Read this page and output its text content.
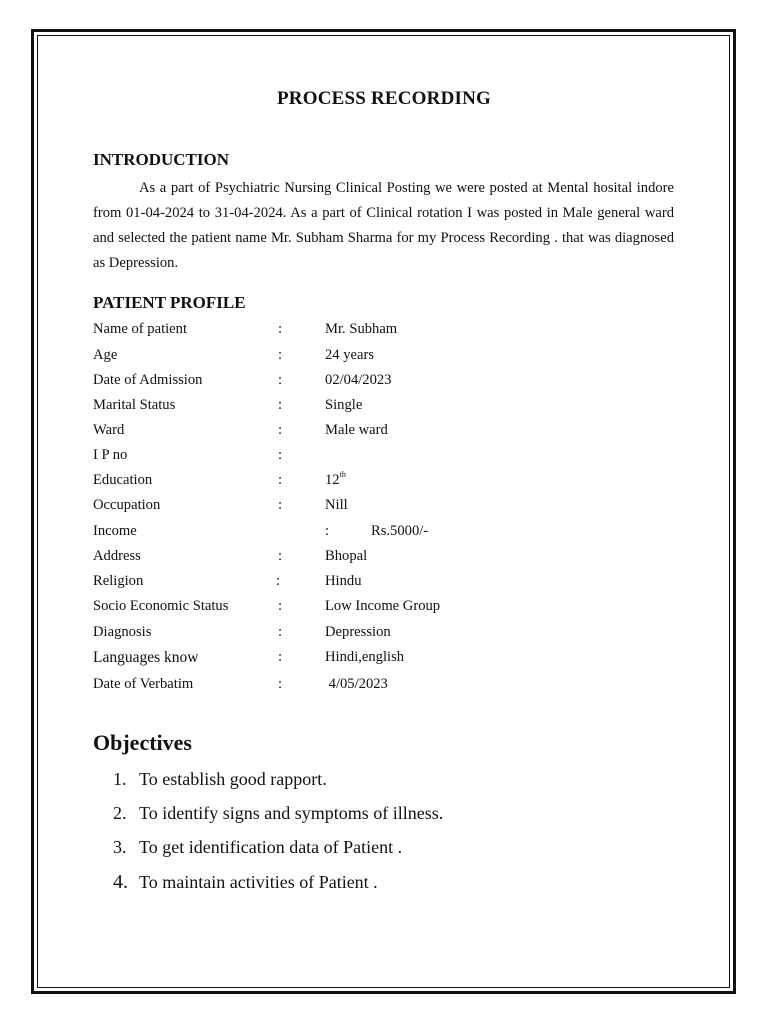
PROCESS RECORDING
INTRODUCTION
As a part of Psychiatric Nursing Clinical Posting we were posted at Mental hosital indore from 01-04-2024 to 31-04-2024. As a part of Clinical rotation I was posted in Male general ward and selected the patient name Mr. Subham Sharma for my Process Recording . that was diagnosed as Depression.
PATIENT PROFILE
Name of patient	:	Mr. Subham
Age	:	24 years
Date of Admission	:	02/04/2023
Marital Status	:	Single
Ward	:	Male ward
I P no	:
Education	:	12th
Occupation	:	Nill
Income	:	Rs.5000/-
Address	:	Bhopal
Religion	:	Hindu
Socio Economic Status	:	Low Income Group
Diagnosis	:	Depression
Languages know	:	Hindi,english
Date of Verbatim	:	4/05/2023
Objectives
1. To establish good rapport.
2. To identify signs and symptoms of illness.
3. To get identification data of Patient .
4. To maintain activities of Patient .
